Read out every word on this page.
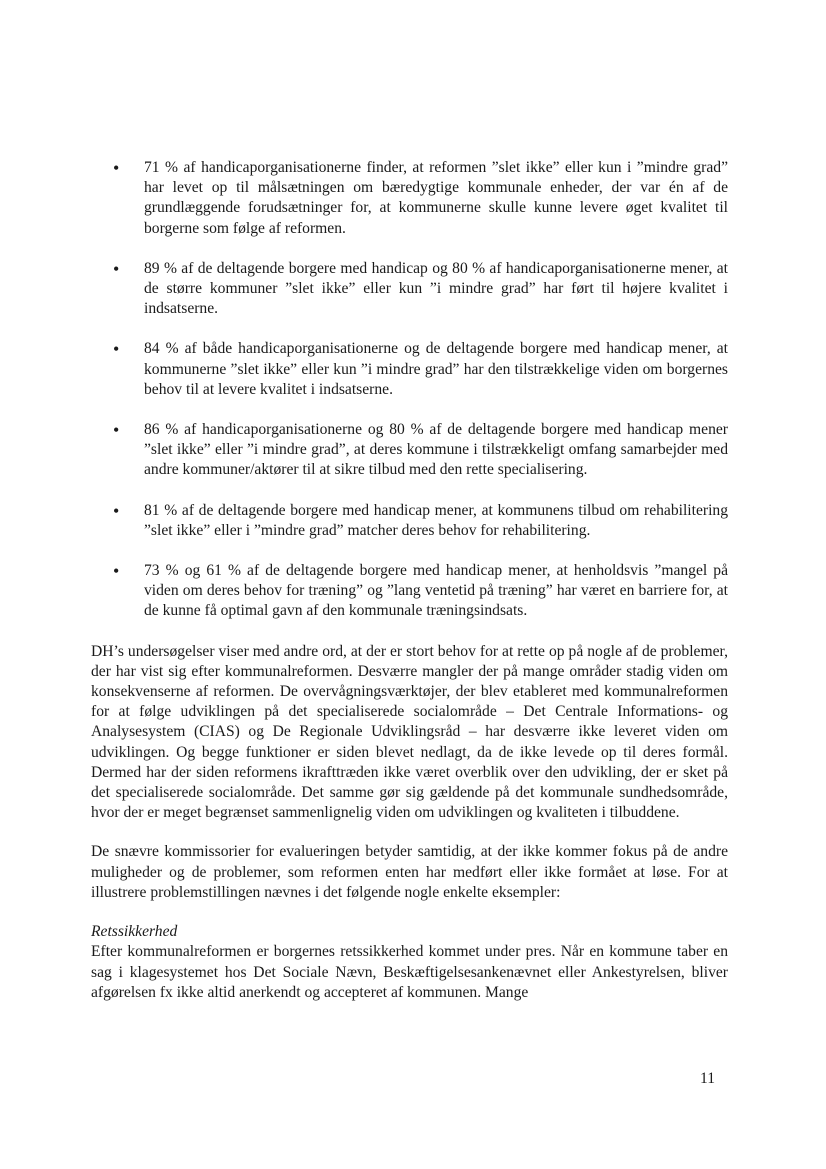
• 71 % af handicaporganisationerne finder, at reformen ”slet ikke” eller kun i ”mindre grad” har levet op til målsætningen om bæredygtige kommunale enheder, der var én af de grundlæggende forudsætninger for, at kommunerne skulle kunne levere øget kvalitet til borgerne som følge af reformen.
• 89 % af de deltagende borgere med handicap og 80 % af handicaporganisationerne mener, at de større kommuner ”slet ikke” eller kun ”i mindre grad” har ført til højere kvalitet i indsatserne.
• 84 % af både handicaporganisationerne og de deltagende borgere med handicap mener, at kommunerne ”slet ikke” eller kun ”i mindre grad” har den tilstrækkelige viden om borgernes behov til at levere kvalitet i indsatserne.
• 86 % af handicaporganisationerne og 80 % af de deltagende borgere med handicap mener ”slet ikke” eller ”i mindre grad”, at deres kommune i tilstrækkeligt omfang samarbejder med andre kommuner/aktører til at sikre tilbud med den rette specialisering.
• 81 % af de deltagende borgere med handicap mener, at kommunens tilbud om rehabilitering ”slet ikke” eller i ”mindre grad” matcher deres behov for rehabilitering.
• 73 % og 61 % af de deltagende borgere med handicap mener, at henholdsvis ”mangel på viden om deres behov for træning” og ”lang ventetid på træning” har været en barriere for, at de kunne få optimal gavn af den kommunale træningsindsats.

DH’s undersøgelser viser med andre ord, at der er stort behov for at rette op på nogle af de problemer, der har vist sig efter kommunalreformen. Desværre mangler der på mange områder stadig viden om konsekvenserne af reformen. De overvågningsværktøjer, der blev etableret med kommunalreformen for at følge udviklingen på det specialiserede socialområde – Det Centrale Informations- og Analysesystem (CIAS) og De Regionale Udviklingsråd – har desværre ikke leveret viden om udviklingen. Og begge funktioner er siden blevet nedlagt, da de ikke levede op til deres formål. Dermed har der siden reformens ikrafttræden ikke været overblik over den udvikling, der er sket på det specialiserede socialområde. Det samme gør sig gældende på det kommunale sundhedsområde, hvor der er meget begrænset sammenlignelig viden om udviklingen og kvaliteten i tilbuddene.

De snævre kommissorier for evalueringen betyder samtidig, at der ikke kommer fokus på de andre muligheder og de problemer, som reformen enten har medført eller ikke formået at løse. For at illustrere problemstillingen nævnes i det følgende nogle enkelte eksempler:

Retssikkerhed

Efter kommunalreformen er borgernes retssikkerhed kommet under pres. Når en kommune taber en sag i klagesystemet hos Det Sociale Nævn, Beskæftigelsesankenævnet eller Ankestyrelsen, bliver afgørelsen fx ikke altid anerkendt og accepteret af kommunen. Mange

11
